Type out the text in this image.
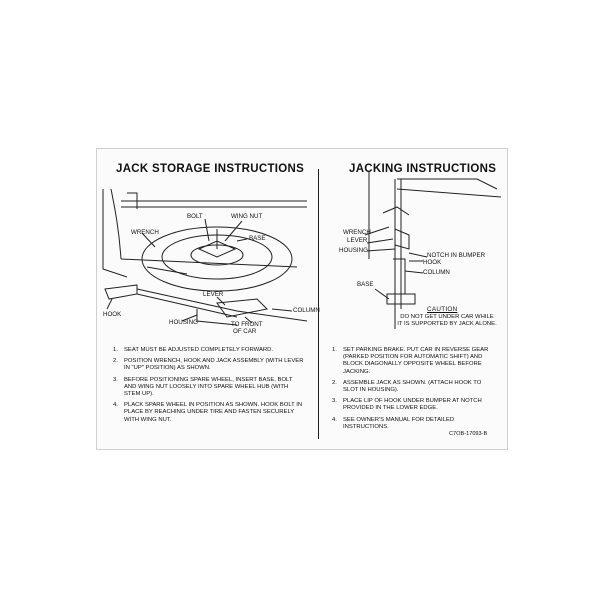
JACK STORAGE INSTRUCTIONS
BOLT	WING NUT
WRENCH
BASE
LEVER
COLUMN
HOOK
HOUSING	TO FRONT
OF CAR
1.	SEAT MUST BE ADJUSTED COMPLETELY FORWARD.
2.	POSITION WRENCH, HOOK AND JACK ASSEMBLY (WITH LEVER IN "UP" POSITION) AS SHOWN.
3.	BEFORE POSITIONING SPARE WHEEL, INSERT BASE, BOLT AND WING NUT LOOSELY INTO SPARE WHEEL HUB (WITH STEM UP).
4.	PLACK SPARE WHEEL IN POSITION AS SHOWN. HOOK BOLT IN PLACE BY REACHING UNDER TIRE AND FASTEN SECURELY WITH WING NUT.
JACKING INSTRUCTIONS
WRENCH
LEVER
HOUSING
NOTCH IN BUMPER
HOOK
COLUMN
BASE
CAUTION
DO NOT GET UNDER CAR WHILE IT IS SUPPORTED BY JACK ALONE.
1.	SET PARKING BRAKE. PUT CAR IN REVERSE GEAR (PARKED POSITION FOR AUTOMATIC SHIFT) AND BLOCK DIAGONALLY OPPOSITE WHEEL BEFORE JACKING.
2.	ASSEMBLE JACK AS SHOWN. (ATTACH HOOK TO SLOT IN HOUSING).
3.	PLACE LIP OF HOOK UNDER BUMPER AT NOTCH PROVIDED IN THE LOWER EDGE.
4.	SEE OWNER'S MANUAL FOR DETAILED INSTRUCTIONS.
C7OB-17093-B
